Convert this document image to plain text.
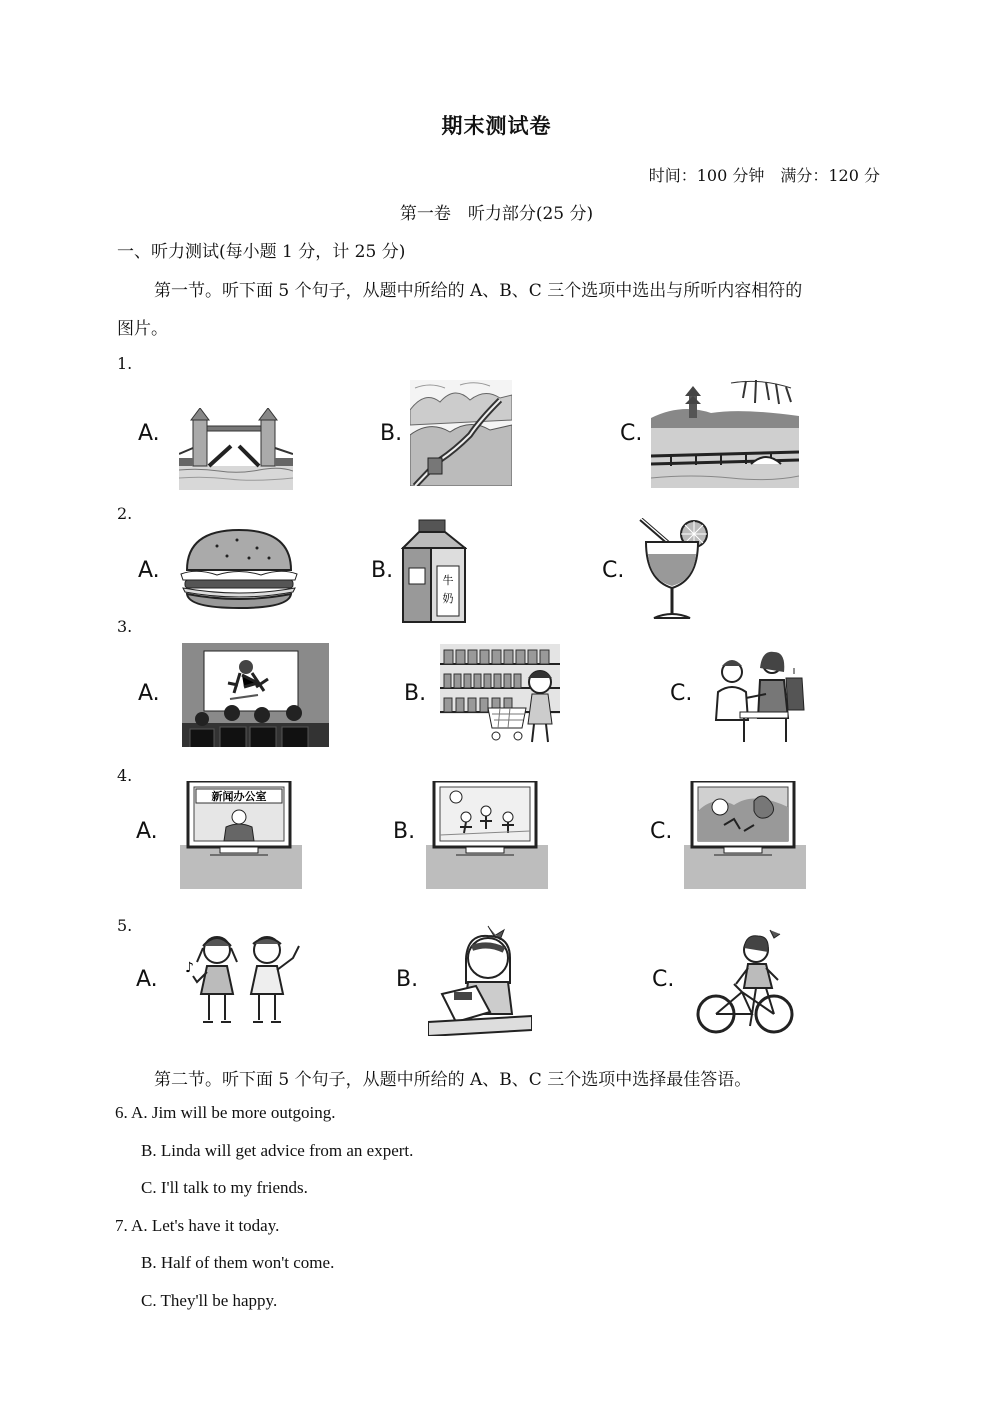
期末测试卷
时间：100 分钟　满分：120 分
第一卷　听力部分(25 分)
一、听力测试(每小题 1 分，计 25 分)
第一节。听下面 5 个句子，从题中所给的 A、B、C 三个选项中选出与所听内容相符的
图片。
1.
A.	B.	C.
2.
A.	B.	牛
奶
C.
3.
A.	B.	C.
4.
A.
新闻办公室
B.	C.
5.
A. ♪	B.	C.
第二节。听下面 5 个句子，从题中所给的 A、B、C 三个选项中选择最佳答语。
6. A. Jim will be more outgoing.
B. Linda will get advice from an expert.
C. I'll talk to my friends.
7. A. Let's have it today.
B. Half of them won't come.
C. They'll be happy.
